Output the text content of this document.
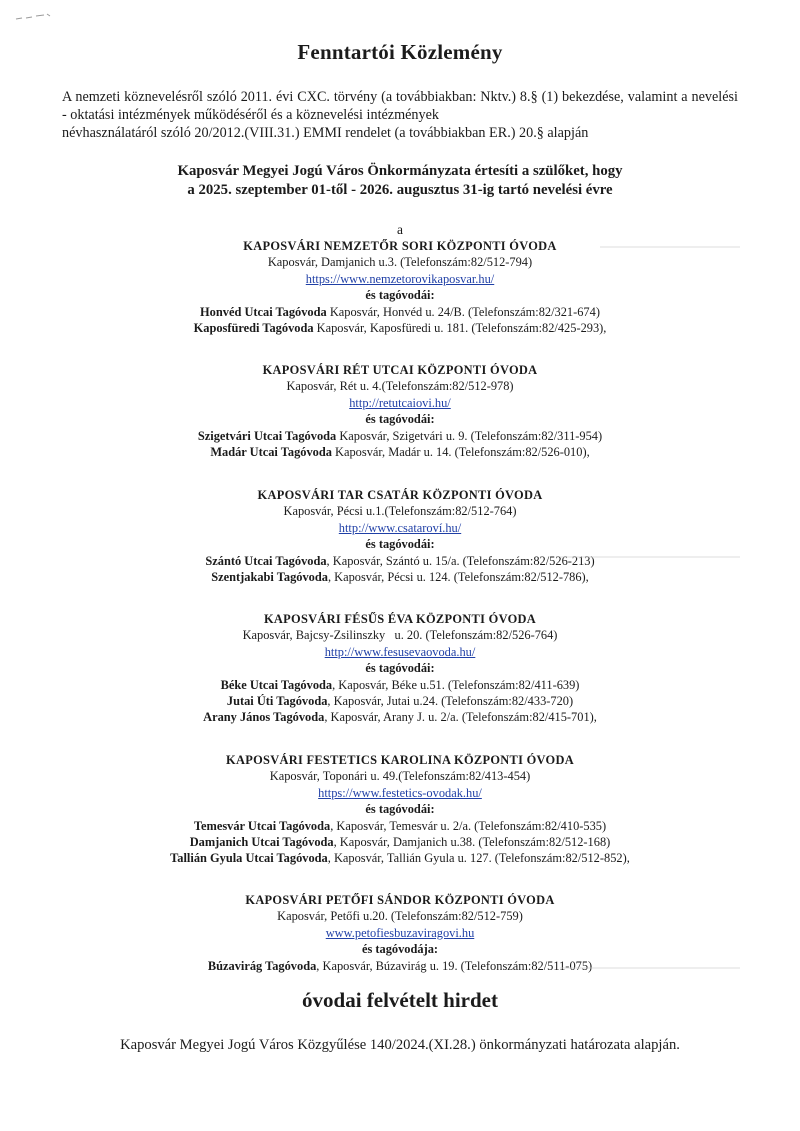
Fenntartói Közlemény
A nemzeti köznevelésről szóló 2011. évi CXC. törvény (a továbbiakban: Nktv.) 8.§ (1) bekezdése, valamint a nevelési - oktatási intézmények működéséről és a köznevelési intézmények
névhasználatáról szóló 20/2012.(VIII.31.) EMMI rendelet (a továbbiakban ER.) 20.§ alapján
Kaposvár Megyei Jogú Város Önkormányzata értesíti a szülőket, hogy
a 2025. szeptember 01-től - 2026. augusztus 31-ig tartó nevelési évre
a
KAPOSVÁRI NEMZETŐR SORI KÖZPONTI ÓVODA
Kaposvár, Damjanich u.3. (Telefonszám:82/512-794)
https://www.nemzetorovikaposvar.hu/
és tagóvodái:
Honvéd Utcai Tagóvoda Kaposvár, Honvéd u. 24/B. (Telefonszám:82/321-674)
Kaposfüredi Tagóvoda Kaposvár, Kaposfüredi u. 181. (Telefonszám:82/425-293),
KAPOSVÁRI RÉT UTCAI KÖZPONTI ÓVODA
Kaposvár, Rét u. 4.(Telefonszám:82/512-978)
http://retutcaiovi.hu/
és tagóvodái:
Szigetvári Utcai Tagóvoda Kaposvár, Szigetvári u. 9. (Telefonszám:82/311-954)
Madár Utcai Tagóvoda Kaposvár, Madár u. 14. (Telefonszám:82/526-010),
KAPOSVÁRI TAR CSATÁR KÖZPONTI ÓVODA
Kaposvár, Pécsi u.1.(Telefonszám:82/512-764)
http://www.csataroví.hu/
és tagóvodái:
Szántó Utcai Tagóvoda, Kaposvár, Szántó u. 15/a. (Telefonszám:82/526-213)
Szentjakabi Tagóvoda, Kaposvár, Pécsi u. 124. (Telefonszám:82/512-786),
KAPOSVÁRI FÉSŰS ÉVA KÖZPONTI ÓVODA
Kaposvár, Bajcsy-Zsilinszky   u. 20. (Telefonszám:82/526-764)
http://www.fesusevaovoda.hu/
és tagóvodái:
Béke Utcai Tagóvoda, Kaposvár, Béke u.51. (Telefonszám:82/411-639)
Jutai Úti Tagóvoda, Kaposvár, Jutai u.24. (Telefonszám:82/433-720)
Arany János Tagóvoda, Kaposvár, Arany J. u. 2/a. (Telefonszám:82/415-701),
KAPOSVÁRI FESTETICS KAROLINA KÖZPONTI ÓVODA
Kaposvár, Toponári u. 49.(Telefonszám:82/413-454)
https://www.festetics-ovodak.hu/
és tagóvodái:
Temesvár Utcai Tagóvoda, Kaposvár, Temesvár u. 2/a. (Telefonszám:82/410-535)
Damjanich Utcai Tagóvoda, Kaposvár, Damjanich u.38. (Telefonszám:82/512-168)
Tallián Gyula Utcai Tagóvoda, Kaposvár, Tallián Gyula u. 127. (Telefonszám:82/512-852),
KAPOSVÁRI PETŐFI SÁNDOR KÖZPONTI ÓVODA
Kaposvár, Petőfi u.20. (Telefonszám:82/512-759)
www.petofiesbuzaviragovi.hu
és tagóvodája:
Búzavirág Tagóvoda, Kaposvár, Búzavirág u. 19. (Telefonszám:82/511-075)
óvodai felvételt hirdet
Kaposvár Megyei Jogú Város Közgyűlése 140/2024.(XI.28.) önkormányzati határozata alapján.
